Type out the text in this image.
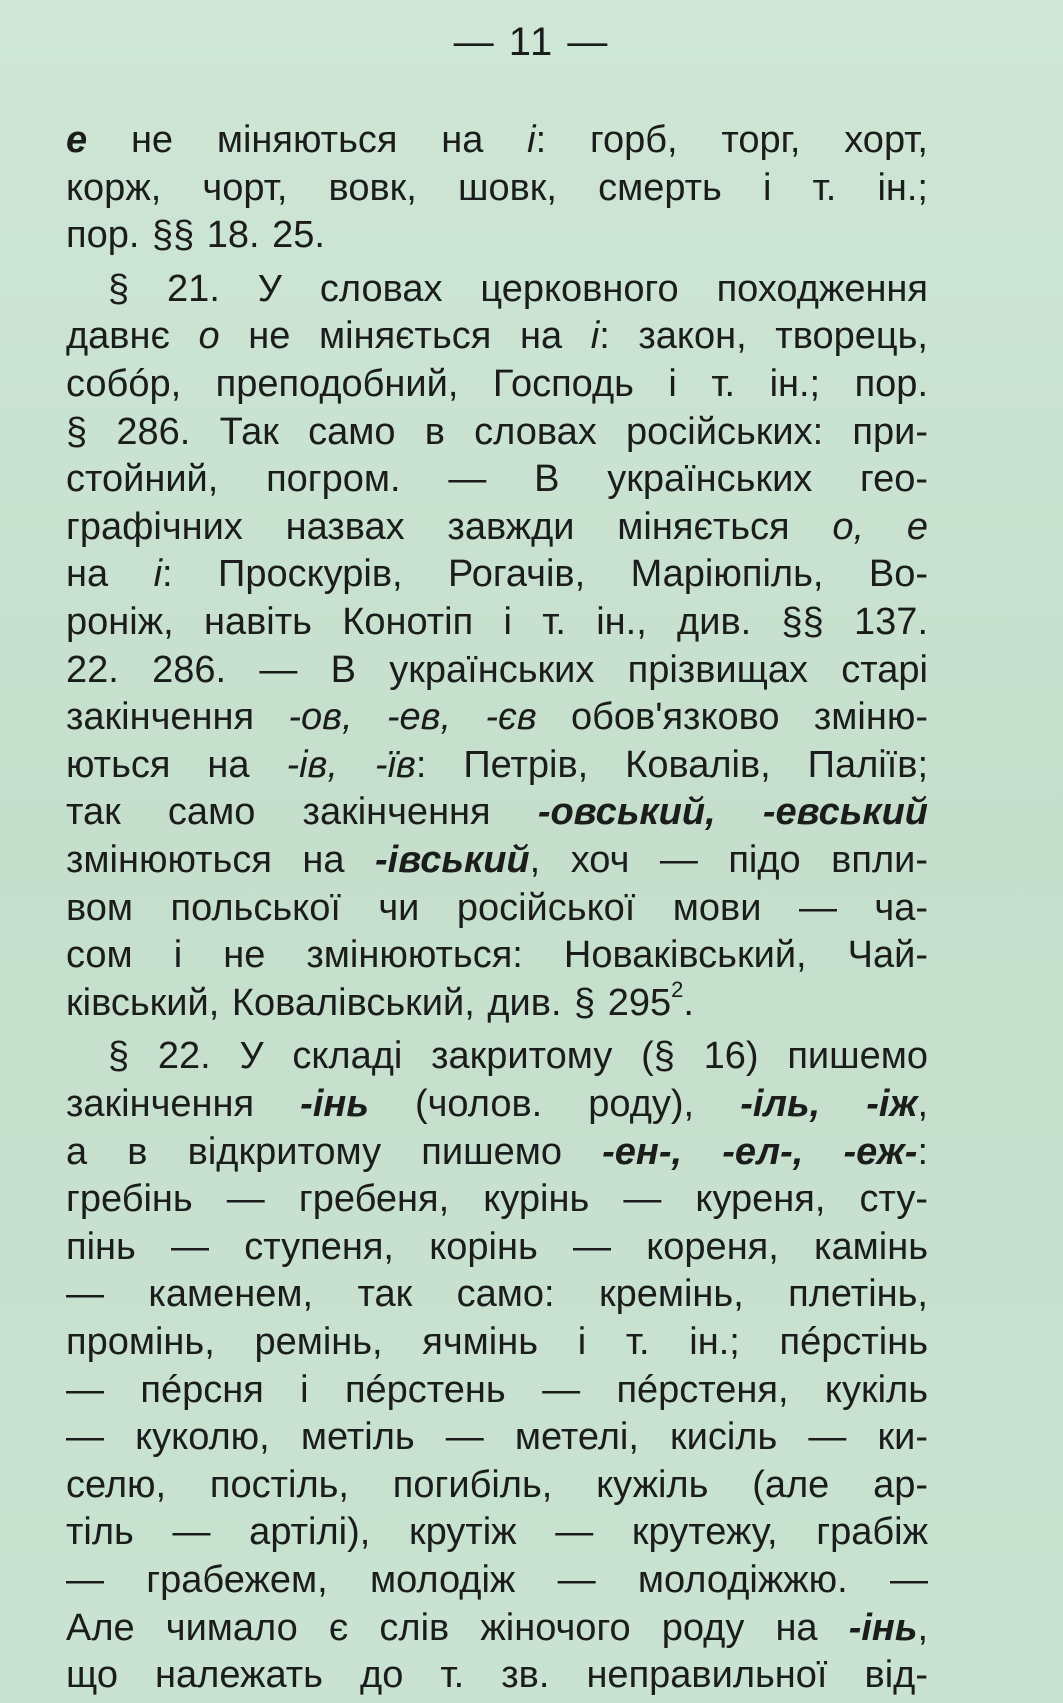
— 11 —
е не міняються на і: горб, торг, хорт,
корж, чорт, вовк, шовк, смерть і т. ін.;
пор. §§ 18. 25.
§ 21. У словах церковного походження
давнє о не міняється на і: закон, творець,
собóр, преподобний, Господь і т. ін.; пор.
§ 286. Так само в словах російських: при-
стойний, погром. — В українських гео-
графічних назвах завжди міняється о, е
на і: Проскурів, Рогачів, Маріюпіль, Во-
роніж, навіть Конотіп і т. ін., див. §§ 137.
22. 286. — В українських прізвищах старі
закінчення -ов, -ев, -єв обов'язково зміню-
ються на -ів, -їв: Петрів, Ковалів, Паліїв;
так само закінчення -овський, -евський
змінюються на -івський, хоч — підо впли-
вом польської чи російської мови — ча-
сом і не змінюються: Новаківський, Чай-
ківський, Ковалівський, див. § $295^2$.
§ 22. У складі закритому (§ 16) пишемо
закінчення -інь (чолов. роду), -іль, -іж,
а в відкритому пишемо -ен-, -ел-, -еж-:
гребінь — гребеня, курінь — куреня, сту-
пінь — ступеня, корінь — кореня, камінь
— каменем, так само: кремінь, плетінь,
промінь, ремінь, ячмінь і т. ін.; пéрстінь
— пéрсня і пéрстень — пéрстеня, кукіль
— куколю, метіль — метелі, кисіль — ки-
селю, постіль, погибіль, кужіль (але ар-
тіль — артілі), крутіж — крутежу, грабіж
— грабежем, молодіж — молодіжжю. —
Але чимало є слів жіночого роду на -інь,
що належать до т. зв. неправильної від-
